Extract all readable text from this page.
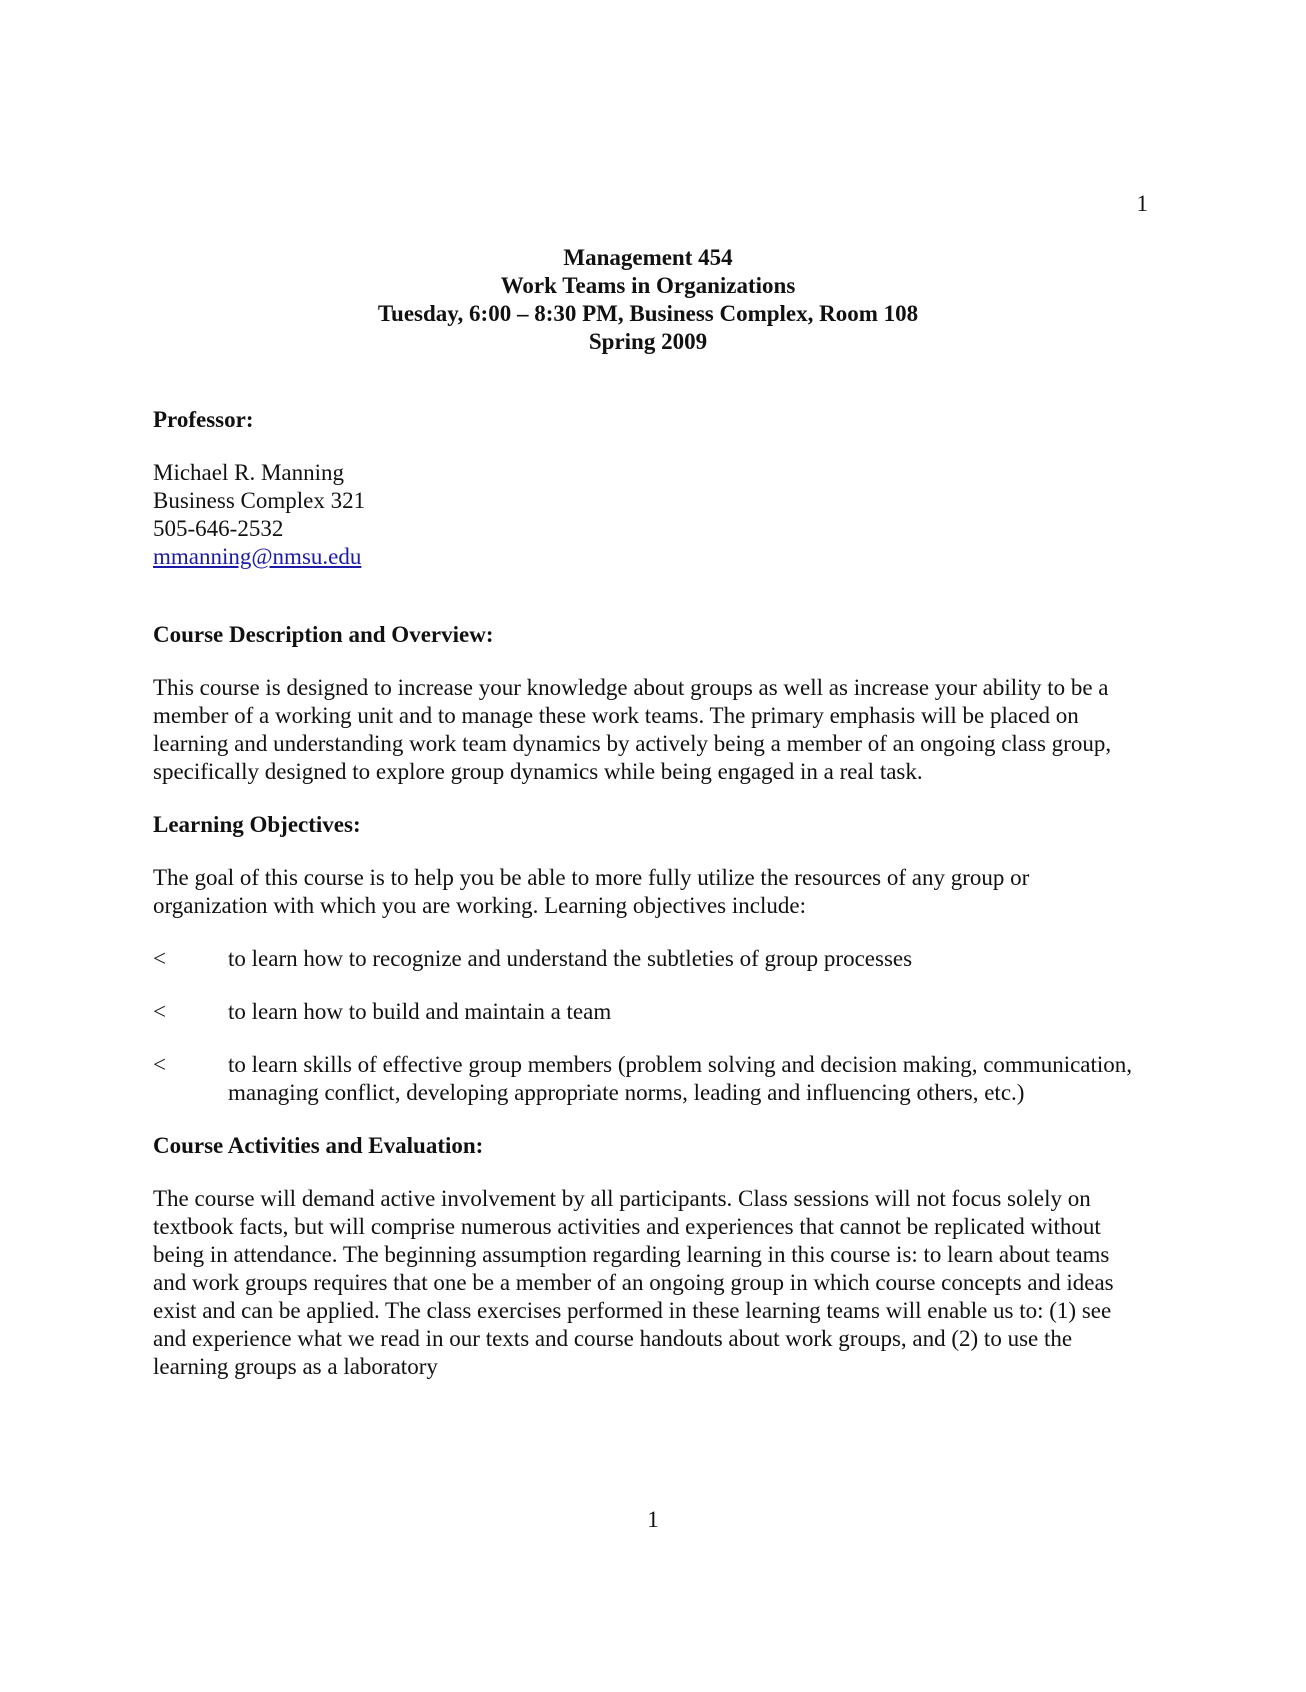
1
Management 454
Work Teams in Organizations
Tuesday, 6:00 – 8:30 PM, Business Complex, Room 108
Spring 2009

Professor:

Michael R. Manning
Business Complex 321
505-646-2532
mmanning@nmsu.edu

Course Description and Overview:

This course is designed to increase your knowledge about groups as well as increase your ability to be a member of a working unit and to manage these work teams. The primary emphasis will be placed on learning and understanding work team dynamics by actively being a member of an ongoing class group, specifically designed to explore group dynamics while being engaged in a real task.

Learning Objectives:

The goal of this course is to help you be able to more fully utilize the resources of any group or organization with which you are working. Learning objectives include:

<	to learn how to recognize and understand the subtleties of group processes
<	to learn how to build and maintain a team
<	to learn skills of effective group members (problem solving and decision making, communication, managing conflict, developing appropriate norms, leading and influencing others, etc.)

Course Activities and Evaluation:

The course will demand active involvement by all participants. Class sessions will not focus solely on textbook facts, but will comprise numerous activities and experiences that cannot be replicated without being in attendance. The beginning assumption regarding learning in this course is: to learn about teams and work groups requires that one be a member of an ongoing group in which course concepts and ideas exist and can be applied. The class exercises performed in these learning teams will enable us to: (1) see and experience what we read in our texts and course handouts about work groups, and (2) to use the learning groups as a laboratory

1
